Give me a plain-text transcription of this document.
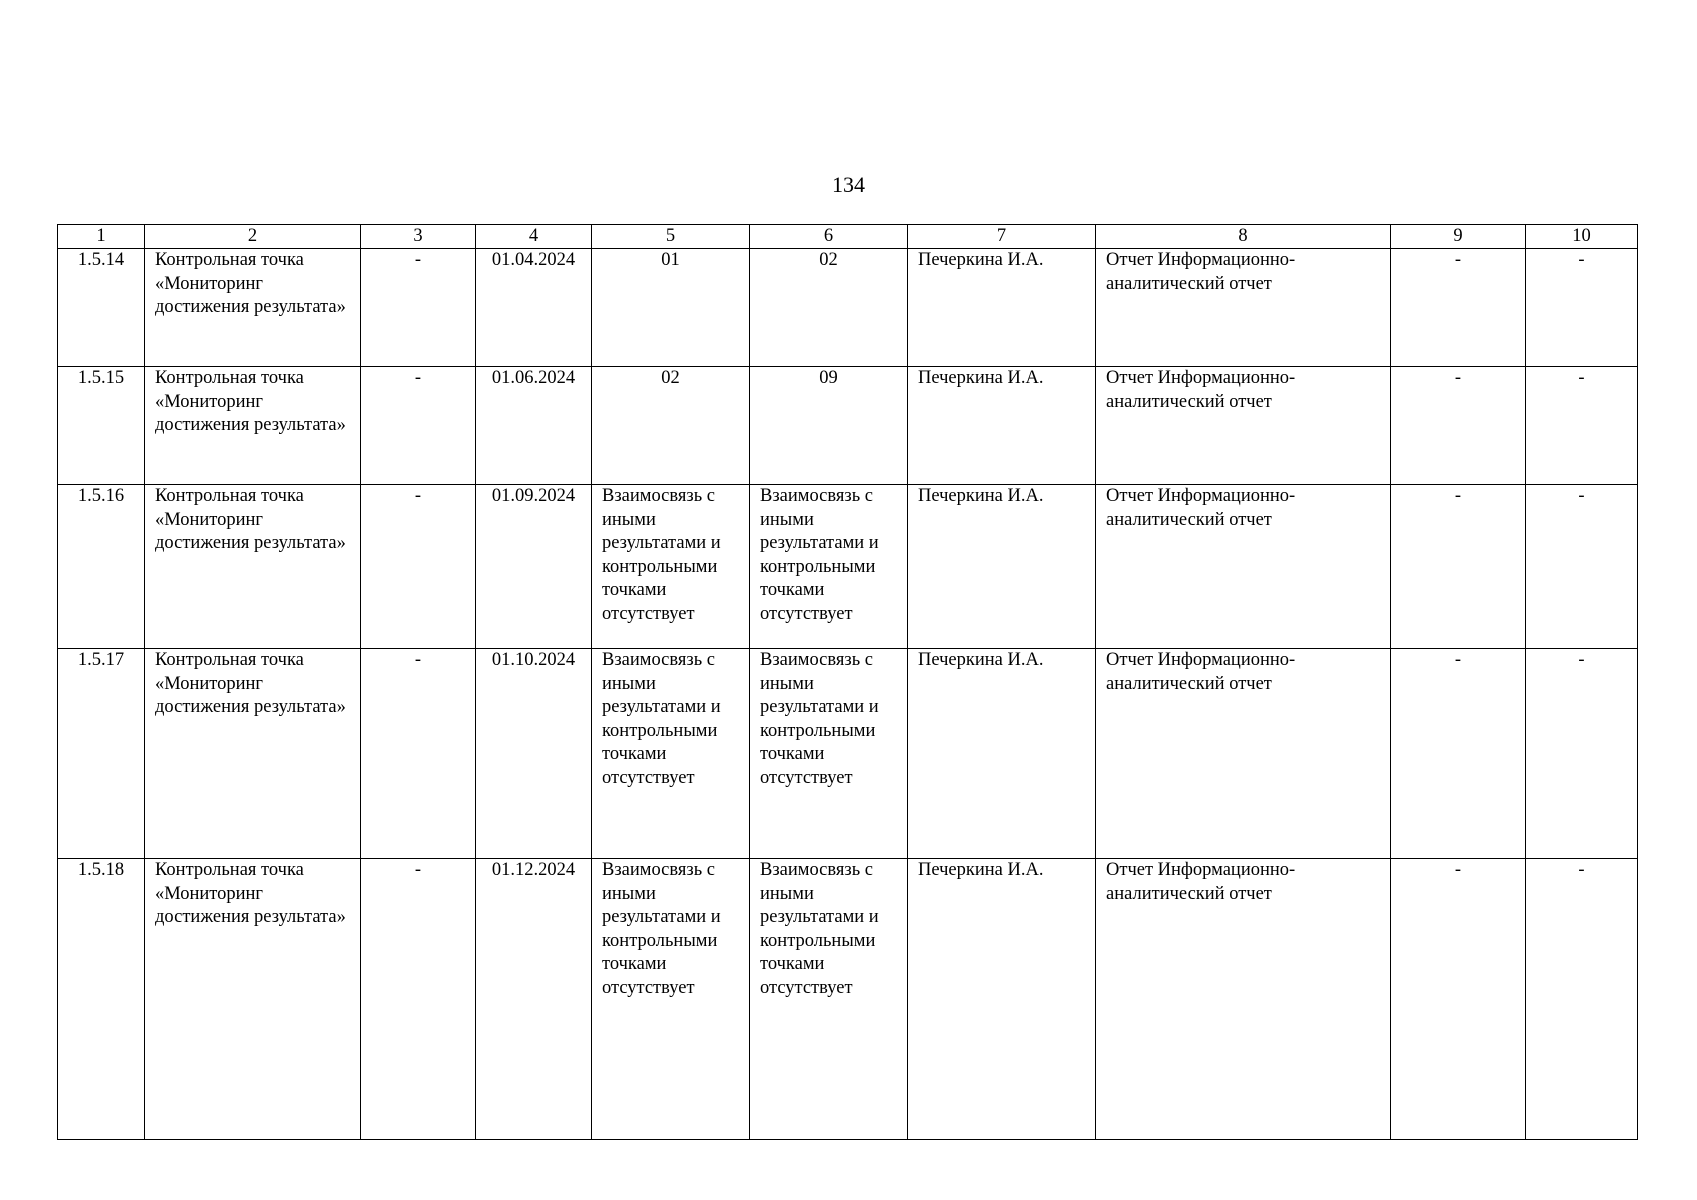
134
1	2	3	4	5	6	7	8	9	10
1.5.14	Контрольная точка «Мониторинг достижения результата»	-	01.04.2024	01	02	Печеркина И.А.	Отчет Информационно-аналитический отчет	-	-
1.5.15	Контрольная точка «Мониторинг достижения результата»	-	01.06.2024	02	09	Печеркина И.А.	Отчет Информационно-аналитический отчет	-	-
1.5.16	Контрольная точка «Мониторинг достижения результата»	-	01.09.2024	Взаимосвязь с иными результатами и контрольными точками отсутствует	Взаимосвязь с иными результатами и контрольными точками отсутствует	Печеркина И.А.	Отчет Информационно-аналитический отчет	-	-
1.5.17	Контрольная точка «Мониторинг достижения результата»	-	01.10.2024	Взаимосвязь с иными результатами и контрольными точками отсутствует	Взаимосвязь с иными результатами и контрольными точками отсутствует	Печеркина И.А.	Отчет Информационно-аналитический отчет	-	-
1.5.18	Контрольная точка «Мониторинг достижения результата»	-	01.12.2024	Взаимосвязь с иными результатами и контрольными точками отсутствует	Взаимосвязь с иными результатами и контрольными точками отсутствует	Печеркина И.А.	Отчет Информационно-аналитический отчет	-	-
